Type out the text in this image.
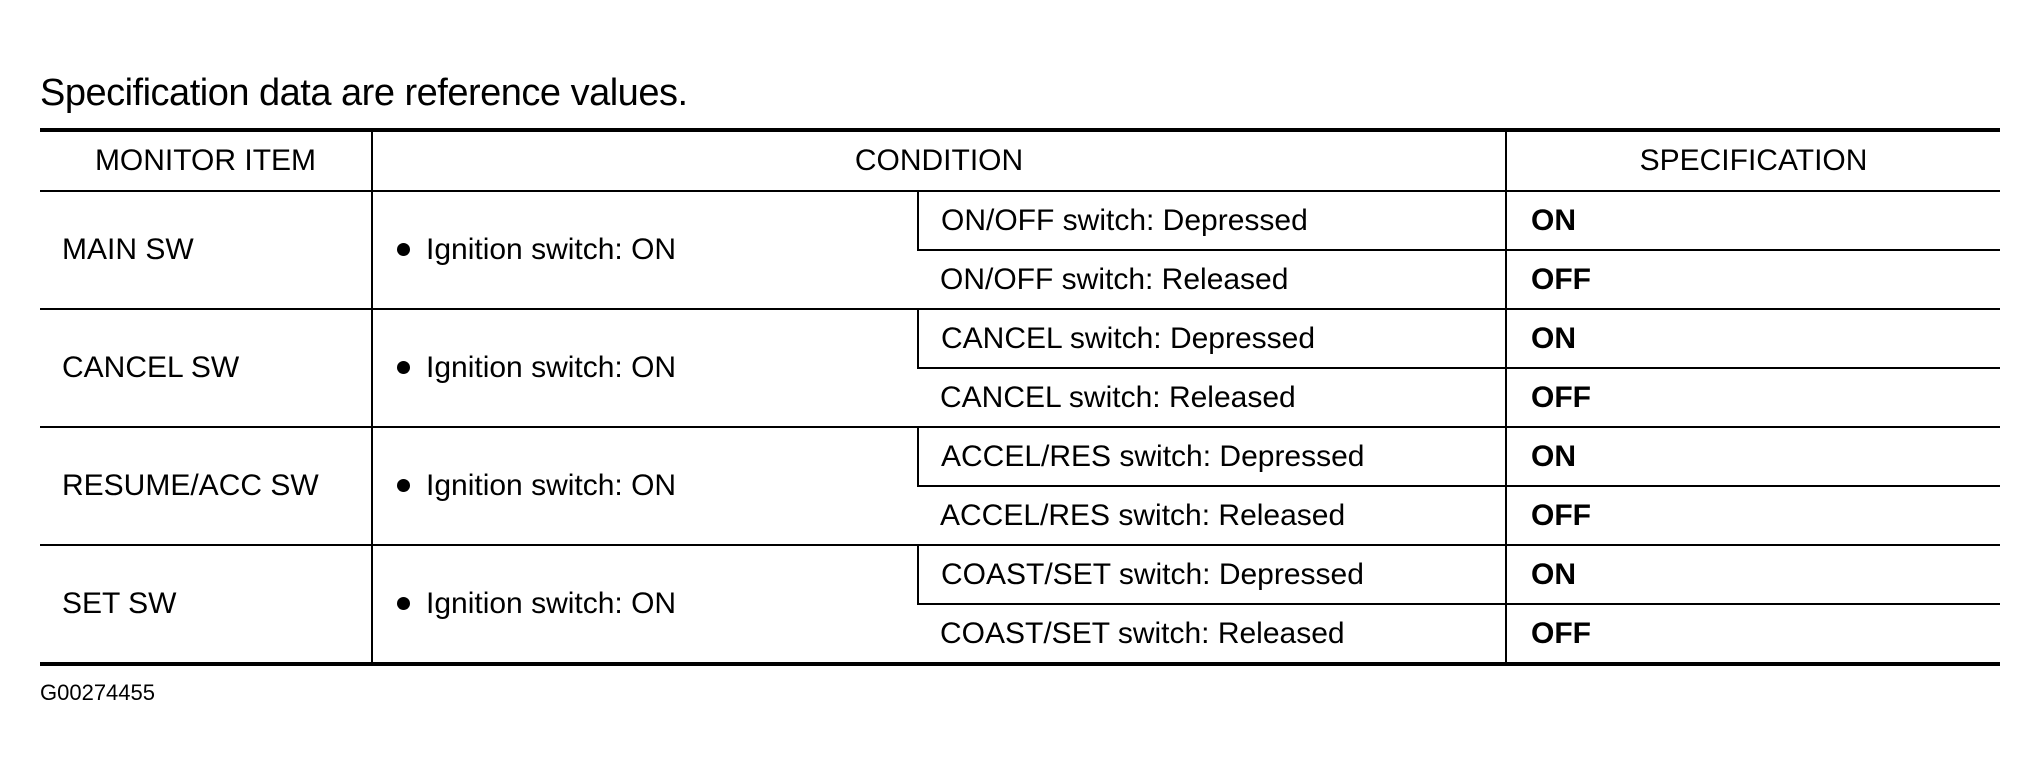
Specification data are reference values.
MONITOR ITEM	CONDITION		SPECIFICATION
MAIN SW	Ignition switch: ON	ON/OFF switch: Depressed	ON
		ON/OFF switch: Released	OFF
CANCEL SW	Ignition switch: ON	CANCEL switch: Depressed	ON
		CANCEL switch: Released	OFF
RESUME/ACC SW	Ignition switch: ON	ACCEL/RES switch: Depressed	ON
		ACCEL/RES switch: Released	OFF
SET SW	Ignition switch: ON	COAST/SET switch: Depressed	ON
		COAST/SET switch: Released	OFF
G00274455
